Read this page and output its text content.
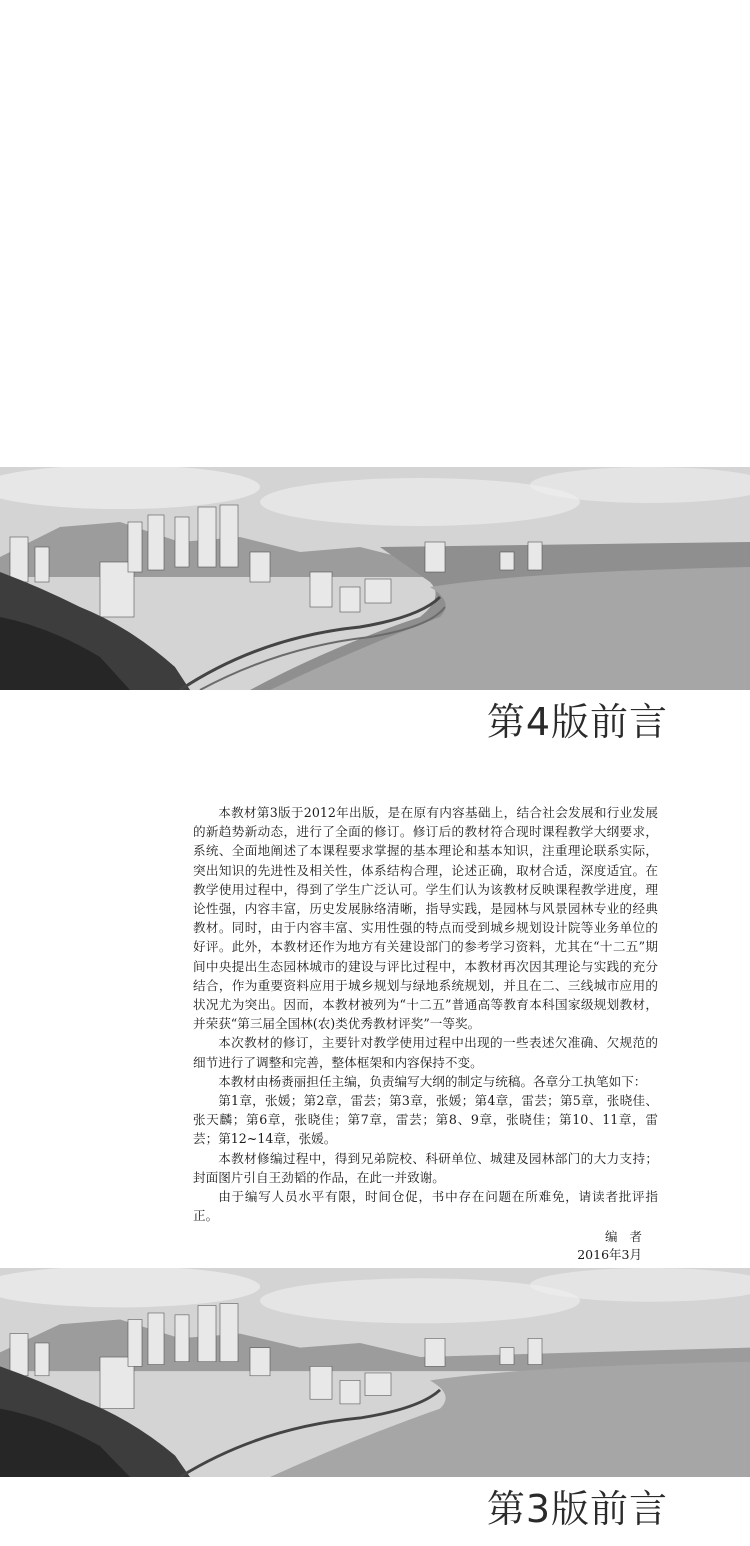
第4版前言

本教材第3版于2012年出版，是在原有内容基础上，结合社会发展和行业发展的新趋势新动态，进行了全面的修订。修订后的教材符合现时课程教学大纲要求，系统、全面地阐述了本课程要求掌握的基本理论和基本知识，注重理论联系实际，突出知识的先进性及相关性，体系结构合理，论述正确，取材合适，深度适宜。在教学使用过程中，得到了学生广泛认可。学生们认为该教材反映课程教学进度，理论性强，内容丰富，历史发展脉络清晰，指导实践，是园林与风景园林专业的经典教材。同时，由于内容丰富、实用性强的特点而受到城乡规划设计院等业务单位的好评。此外，本教材还作为地方有关建设部门的参考学习资料，尤其在“十二五”期间中央提出生态园林城市的建设与评比过程中，本教材再次因其理论与实践的充分结合，作为重要资料应用于城乡规划与绿地系统规划，并且在二、三线城市应用的状况尤为突出。因而，本教材被列为“十二五”普通高等教育本科国家级规划教材，并荣获“第三届全国林(农)类优秀教材评奖”一等奖。

本次教材的修订，主要针对教学使用过程中出现的一些表述欠准确、欠规范的细节进行了调整和完善，整体框架和内容保持不变。

本教材由杨赉丽担任主编，负责编写大纲的制定与统稿。各章分工执笔如下：

第1章，张媛；第2章，雷芸；第3章，张媛；第4章，雷芸；第5章，张晓佳、张天麟；第6章，张晓佳；第7章，雷芸；第8、9章，张晓佳；第10、11章，雷芸；第12~14章，张媛。

本教材修编过程中，得到兄弟院校、科研单位、城建及园林部门的大力支持；封面图片引自王劲韬的作品，在此一并致谢。

由于编写人员水平有限，时间仓促，书中存在问题在所难免，请读者批评指正。

编者
2016年3月
第3版前言
